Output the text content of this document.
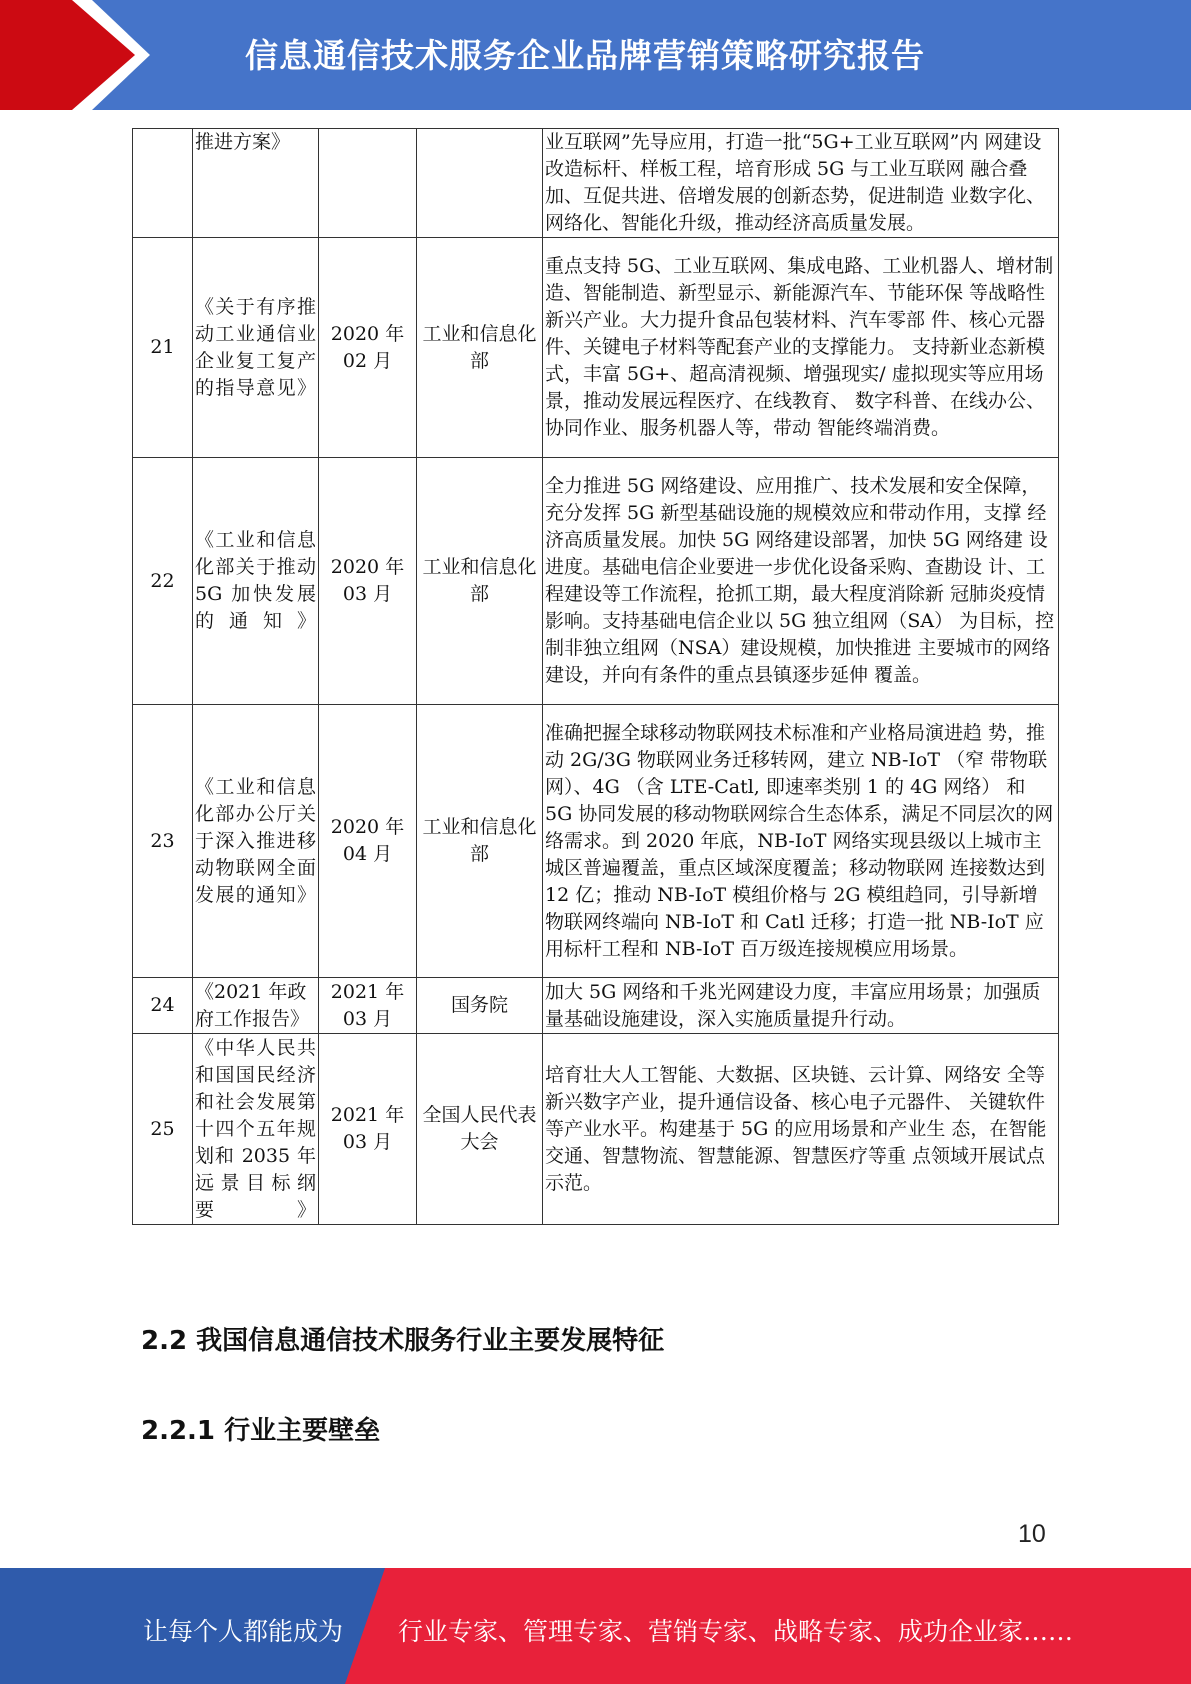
信息通信技术服务企业品牌营销策略研究报告
	推进方案》			业互联网”先导应用，打造一批“5G+工业互联网”内 网建设改造标杆、样板工程，培育形成 5G 与工业互联网 融合叠加、互促共进、倍增发展的创新态势，促进制造 业数字化、网络化、智能化升级，推动经济高质量发展。
21	《关于有序推动工业通信业企业复工复产的指导意见》	2020 年 02 月	工业和信息化部	重点支持 5G、工业互联网、集成电路、工业机器人、增材制造、智能制造、新型显示、新能源汽车、节能环保 等战略性新兴产业。大力提升食品包装材料、汽车零部 件、核心元器件、关键电子材料等配套产业的支撑能力。 支持新业态新模式，丰富 5G+、超高清视频、增强现实/ 虚拟现实等应用场景，推动发展远程医疗、在线教育、 数字科普、在线办公、协同作业、服务机器人等，带动 智能终端消费。
22	《工业和信息化部关于推动 5G 加快发展的通知》	2020 年 03 月	工业和信息化部	全力推进 5G 网络建设、应用推广、技术发展和安全保障， 充分发挥 5G 新型基础设施的规模效应和带动作用，支撑 经济高质量发展。加快 5G 网络建设部署，加快 5G 网络建 设进度。基础电信企业要进一步优化设备采购、查勘设 计、工程建设等工作流程，抢抓工期，最大程度消除新 冠肺炎疫情影响。支持基础电信企业以 5G 独立组网（SA） 为目标，控制非独立组网（NSA）建设规模，加快推进 主要城市的网络建设，并向有条件的重点县镇逐步延伸 覆盖。
23	《工业和信息化部办公厅关于深入推进移动物联网全面发展的通知》	2020 年 04 月	工业和信息化部	准确把握全球移动物联网技术标准和产业格局演进趋 势，推动 2G/3G 物联网业务迁移转网，建立 NB-IoT （窄 带物联网）、4G （含 LTE-Catl, 即速率类别 1 的 4G 网络） 和 5G 协同发展的移动物联网综合生态体系，满足不同层次的网络需求。到 2020 年底，NB-IoT 网络实现县级以上城市主城区普遍覆盖，重点区域深度覆盖；移动物联网 连接数达到 12 亿；推动 NB-IoT 模组价格与 2G 模组趋同，引导新增物联网终端向 NB-IoT 和 Catl 迁移；打造一批 NB-IoT 应用标杆工程和 NB-IoT 百万级连接规模应用场景。
24	《2021 年政府工作报告》	2021 年 03 月	国务院	加大 5G 网络和千兆光网建设力度，丰富应用场景；加强质量基础设施建设，深入实施质量提升行动。
25	《中华人民共和国国民经济和社会发展第十四个五年规划和 2035 年远景目标纲要》	2021 年 03 月	全国人民代表大会	培育壮大人工智能、大数据、区块链、云计算、网络安 全等新兴数字产业，提升通信设备、核心电子元器件、 关键软件等产业水平。构建基于 5G 的应用场景和产业生 态，在智能交通、智慧物流、智慧能源、智慧医疗等重 点领域开展试点示范。
2.2 我国信息通信技术服务行业主要发展特征
2.2.1 行业主要壁垒
10
让每个人都能成为 行业专家、管理专家、营销专家、战略专家、成功企业家……
